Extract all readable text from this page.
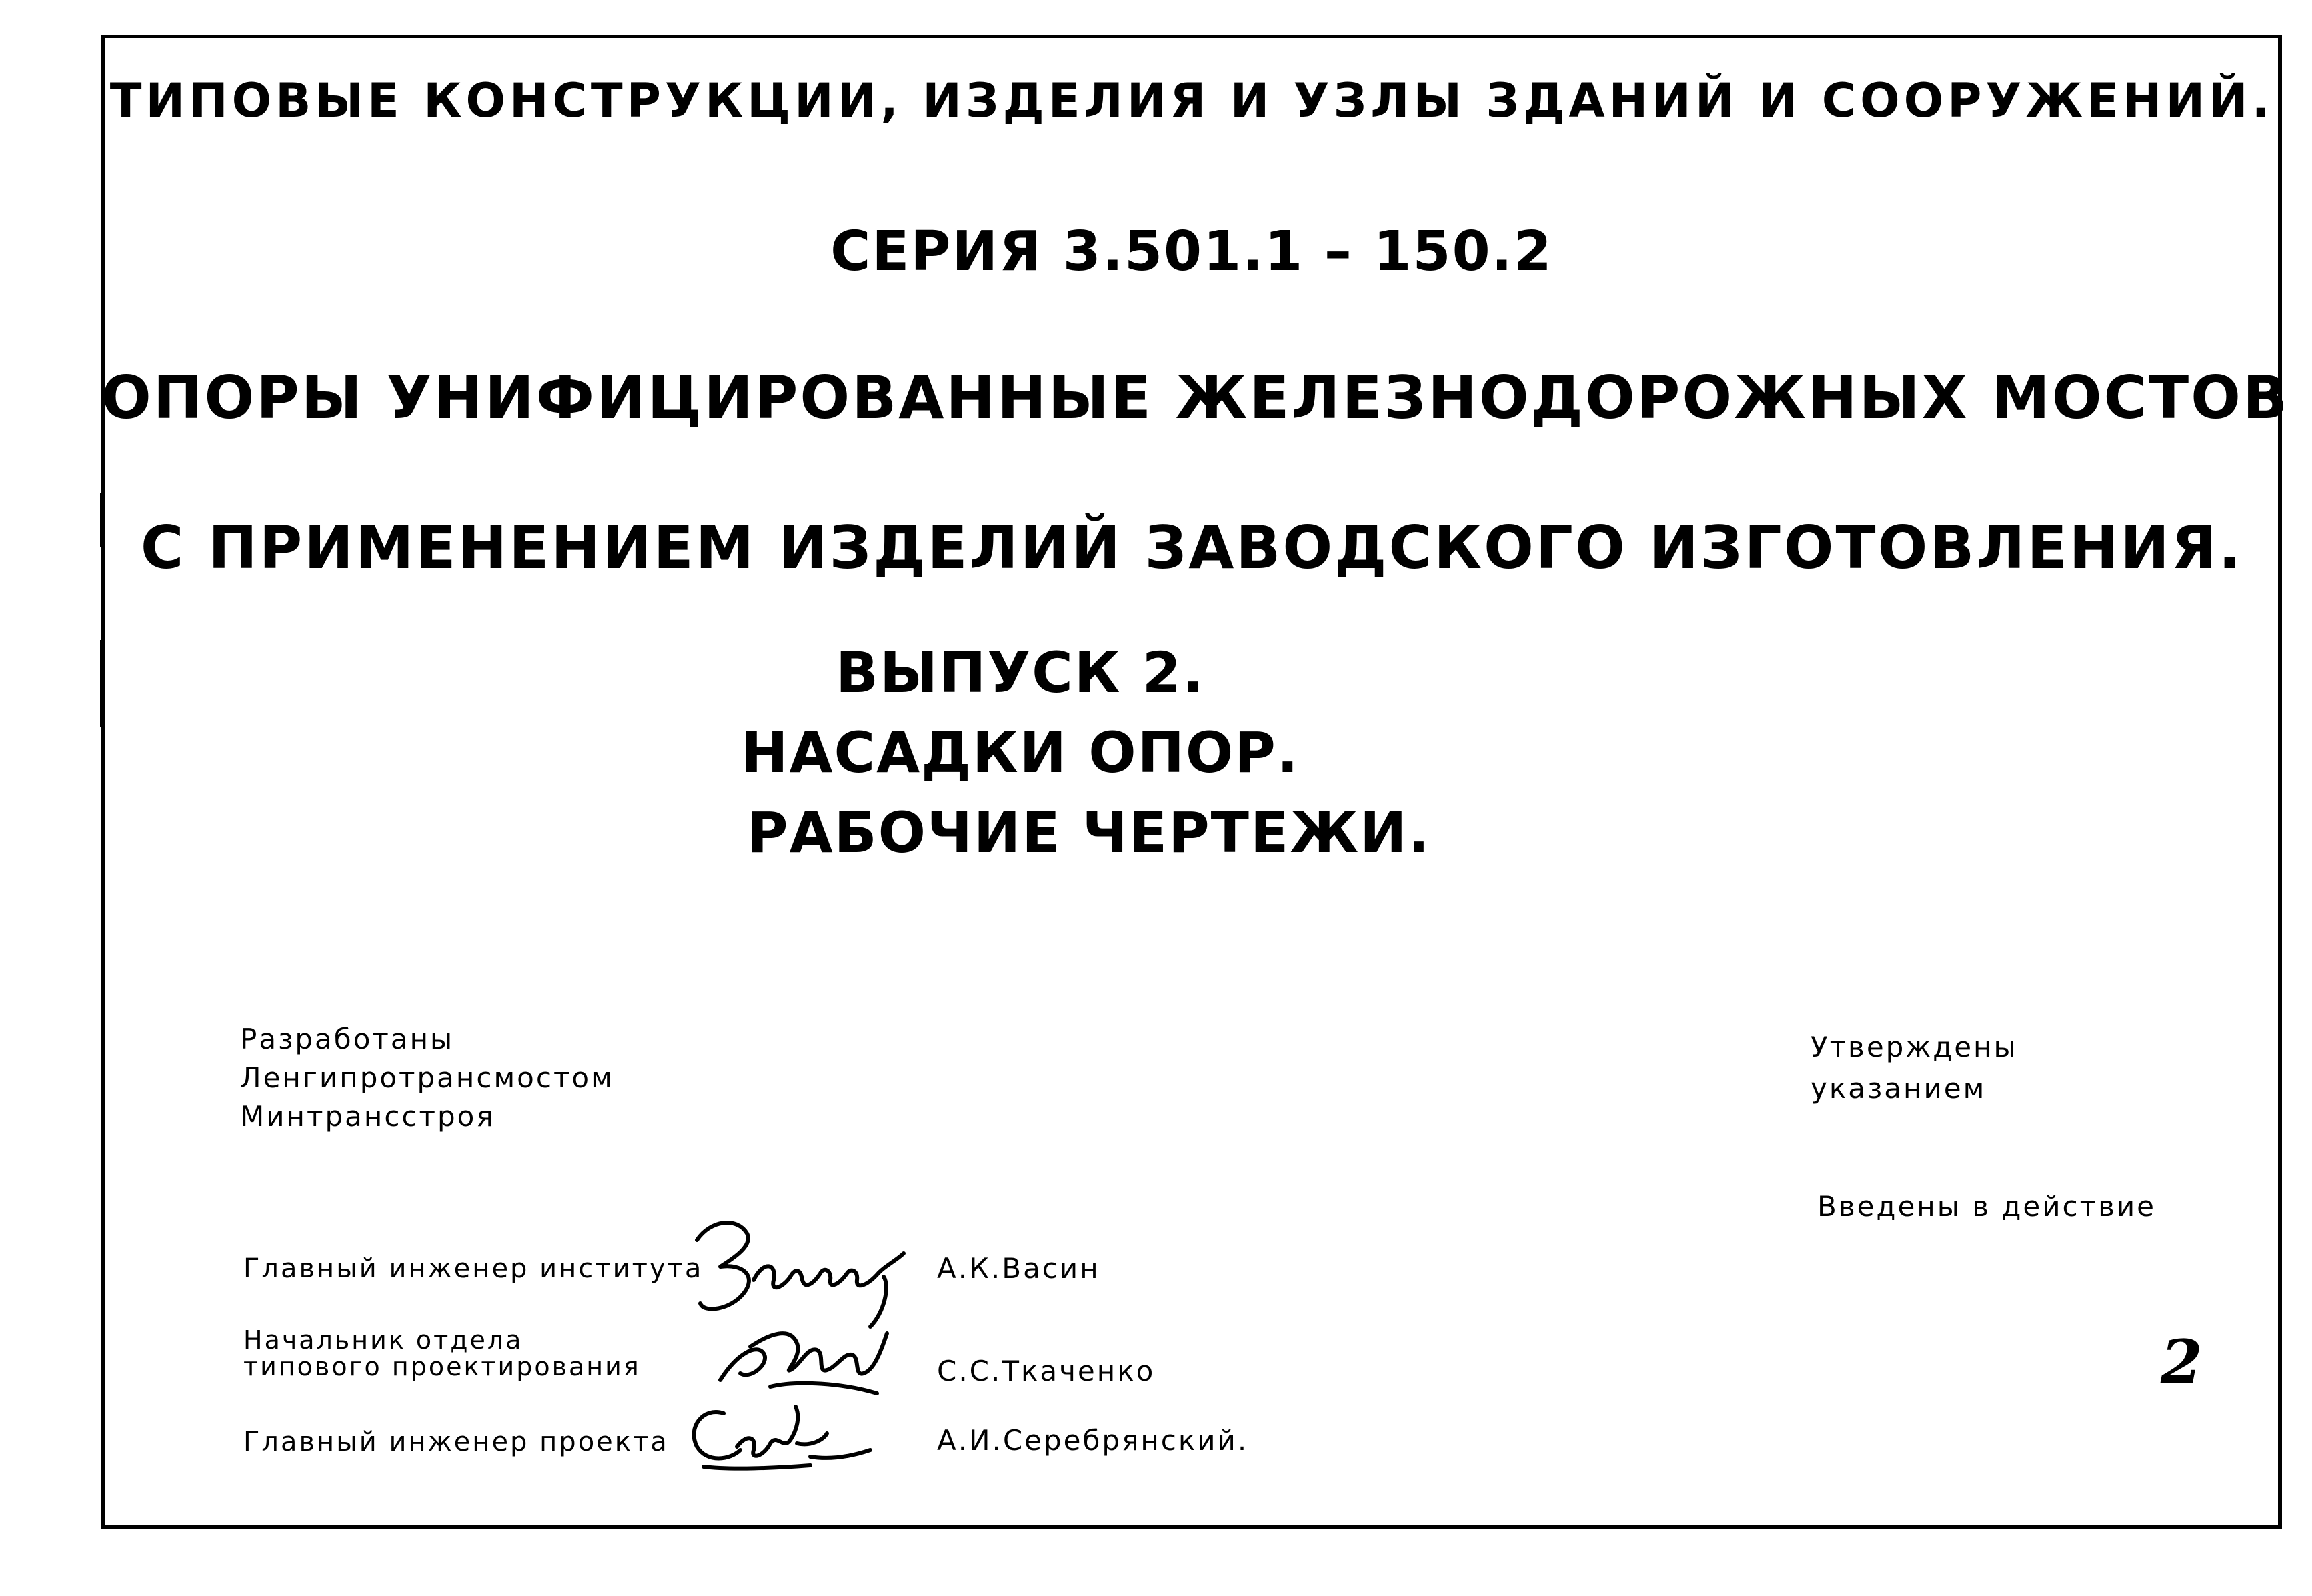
ТИПОВЫЕ КОНСТРУКЦИИ, ИЗДЕЛИЯ И УЗЛЫ ЗДАНИЙ И СООРУЖЕНИЙ.
СЕРИЯ 3.501.1 – 150.2
ОПОРЫ УНИФИЦИРОВАННЫЕ ЖЕЛЕЗНОДОРОЖНЫХ МОСТОВ
С ПРИМЕНЕНИЕМ ИЗДЕЛИЙ ЗАВОДСКОГО ИЗГОТОВЛЕНИЯ.
ВЫПУСК 2.
НАСАДКИ ОПОР.
РАБОЧИЕ ЧЕРТЕЖИ.
Разработаны
Ленгипротрансмостом
Минтрансстроя
Утверждены
указанием
Введены в действие
Главный инженер института	А.К.Васин
Начальник отдела
типового проектирования	С.С.Ткаченко
Главный инженер проекта	А.И.Серебрянский.
2
